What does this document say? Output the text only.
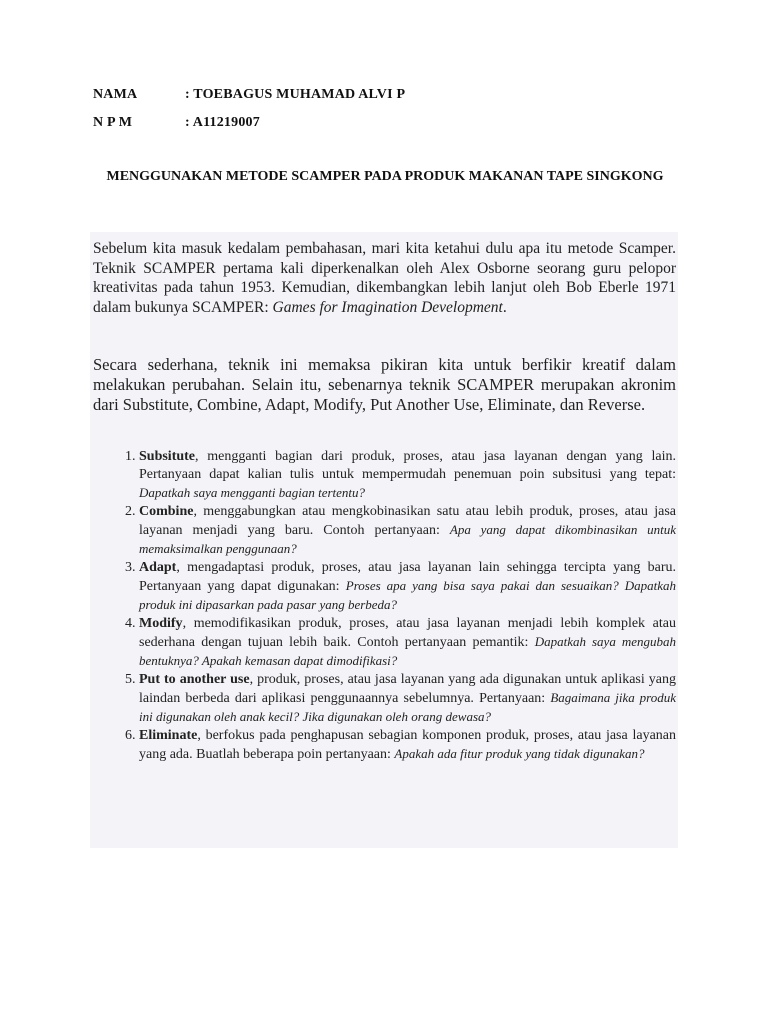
NAMA	: TOEBAGUS MUHAMAD ALVI P
N P M	: A11219007
MENGGUNAKAN METODE SCAMPER PADA PRODUK MAKANAN TAPE SINGKONG
Sebelum kita masuk kedalam pembahasan, mari kita ketahui dulu apa itu metode Scamper. Teknik SCAMPER pertama kali diperkenalkan oleh Alex Osborne seorang guru pelopor kreativitas pada tahun 1953. Kemudian, dikembangkan lebih lanjut oleh Bob Eberle 1971 dalam bukunya SCAMPER: Games for Imagination Development.
Secara sederhana, teknik ini memaksa pikiran kita untuk berfikir kreatif dalam melakukan perubahan. Selain itu, sebenarnya teknik SCAMPER merupakan akronim dari Substitute, Combine, Adapt, Modify, Put Another Use, Eliminate, dan Reverse.
1. Subsitute, mengganti bagian dari produk, proses, atau jasa layanan dengan yang lain. Pertanyaan dapat kalian tulis untuk mempermudah penemuan poin subsitusi yang tepat: Dapatkah saya mengganti bagian tertentu?
2. Combine, menggabungkan atau mengkobinasikan satu atau lebih produk, proses, atau jasa layanan menjadi yang baru. Contoh pertanyaan: Apa yang dapat dikombinasikan untuk memaksimalkan penggunaan?
3. Adapt, mengadaptasi produk, proses, atau jasa layanan lain sehingga tercipta yang baru. Pertanyaan yang dapat digunakan: Proses apa yang bisa saya pakai dan sesuaikan? Dapatkah produk ini dipasarkan pada pasar yang berbeda?
4. Modify, memodifikasikan produk, proses, atau jasa layanan menjadi lebih komplek atau sederhana dengan tujuan lebih baik. Contoh pertanyaan pemantik: Dapatkah saya mengubah bentuknya? Apakah kemasan dapat dimodifikasi?
5. Put to another use, produk, proses, atau jasa layanan yang ada digunakan untuk aplikasi yang laindan berbeda dari aplikasi penggunaannya sebelumnya. Pertanyaan: Bagaimana jika produk ini digunakan oleh anak kecil? Jika digunakan oleh orang dewasa?
6. Eliminate, berfokus pada penghapusan sebagian komponen produk, proses, atau jasa layanan yang ada. Buatlah beberapa poin pertanyaan: Apakah ada fitur produk yang tidak digunakan?
